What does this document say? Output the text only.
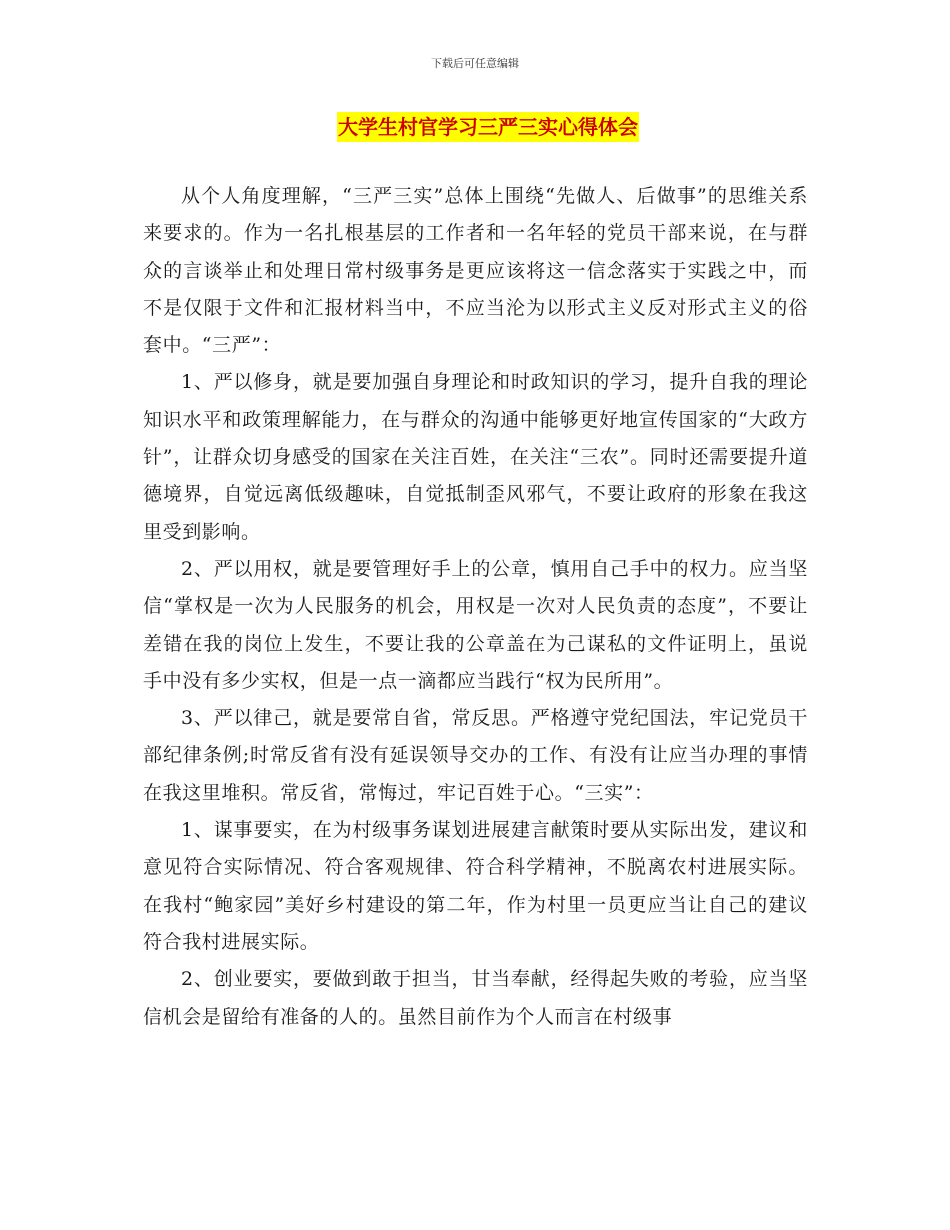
下载后可任意编辑
大学生村官学习三严三实心得体会

从个人角度理解，“三严三实”总体上围绕“先做人、后做事”的思维关系来要求的。作为一名扎根基层的工作者和一名年轻的党员干部来说，在与群众的言谈举止和处理日常村级事务是更应该将这一信念落实于实践之中，而不是仅限于文件和汇报材料当中，不应当沦为以形式主义反对形式主义的俗套中。“三严”：

1、严以修身，就是要加强自身理论和时政知识的学习，提升自我的理论知识水平和政策理解能力，在与群众的沟通中能够更好地宣传国家的“大政方针”，让群众切身感受的国家在关注百姓，在关注“三农”。同时还需要提升道德境界，自觉远离低级趣味，自觉抵制歪风邪气，不要让政府的形象在我这里受到影响。

2、严以用权，就是要管理好手上的公章，慎用自己手中的权力。应当坚信“掌权是一次为人民服务的机会，用权是一次对人民负责的态度”，不要让差错在我的岗位上发生，不要让我的公章盖在为己谋私的文件证明上，虽说手中没有多少实权，但是一点一滴都应当践行“权为民所用”。

3、严以律己，就是要常自省，常反思。严格遵守党纪国法，牢记党员干部纪律条例;时常反省有没有延误领导交办的工作、有没有让应当办理的事情在我这里堆积。常反省，常悔过，牢记百姓于心。“三实”：

1、谋事要实，在为村级事务谋划进展建言献策时要从实际出发，建议和意见符合实际情况、符合客观规律、符合科学精神，不脱离农村进展实际。在我村“鲍家园”美好乡村建设的第二年，作为村里一员更应当让自己的建议符合我村进展实际。

2、创业要实，要做到敢于担当，甘当奉献，经得起失败的考验，应当坚信机会是留给有准备的人的。虽然目前作为个人而言在村级事
